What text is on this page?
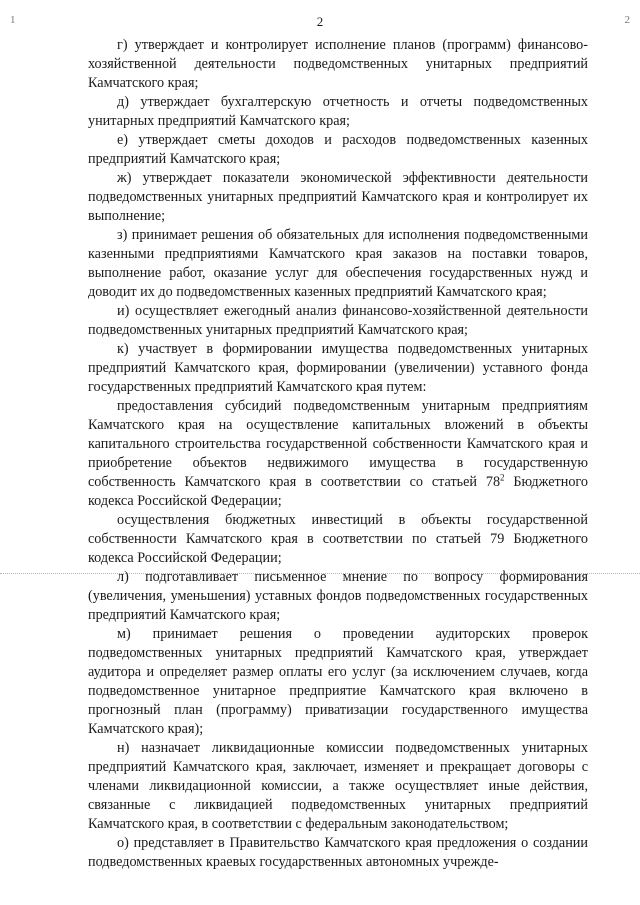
1	2	2

г) утверждает и контролирует исполнение планов (программ) финансово-хозяйственной деятельности подведомственных унитарных предприятий Камчатского края;

д) утверждает бухгалтерскую отчетность и отчеты подведомственных унитарных предприятий Камчатского края;

е) утверждает сметы доходов и расходов подведомственных казенных предприятий Камчатского края;

ж) утверждает показатели экономической эффективности деятельности подведомственных унитарных предприятий Камчатского края и контролирует их выполнение;

з) принимает решения об обязательных для исполнения подведомственными казенными предприятиями Камчатского края заказов на поставки товаров, выполнение работ, оказание услуг для обеспечения государственных нужд и доводит их до подведомственных казенных предприятий Камчатского края;

и) осуществляет ежегодный анализ финансово-хозяйственной деятельности подведомственных унитарных предприятий Камчатского края;

к) участвует в формировании имущества подведомственных унитарных предприятий Камчатского края, формировании (увеличении) уставного фонда государственных предприятий Камчатского края путем:

предоставления субсидий подведомственным унитарным предприятиям Камчатского края на осуществление капитальных вложений в объекты капитального строительства государственной собственности Камчатского края и приобретение объектов недвижимого имущества в государственную собственность Камчатского края в соответствии со статьей $78^2$ Бюджетного кодекса Российской Федерации;

осуществления бюджетных инвестиций в объекты государственной собственности Камчатского края в соответствии по статьей 79 Бюджетного кодекса Российской Федерации;

л) подготавливает письменное мнение по вопросу формирования (увеличения, уменьшения) уставных фондов подведомственных государственных предприятий Камчатского края;

м) принимает решения о проведении аудиторских проверок подведомственных унитарных предприятий Камчатского края, утверждает аудитора и определяет размер оплаты его услуг (за исключением случаев, когда подведомственное унитарное предприятие Камчатского края включено в прогнозный план (программу) приватизации государственного имущества Камчатского края);

н) назначает ликвидационные комиссии подведомственных унитарных предприятий Камчатского края, заключает, изменяет и прекращает договоры с членами ликвидационной комиссии, а также осуществляет иные действия, связанные с ликвидацией подведомственных унитарных предприятий Камчатского края, в соответствии с федеральным законодательством;

о) представляет в Правительство Камчатского края предложения о создании подведомственных краевых государственных автономных учрежде-
